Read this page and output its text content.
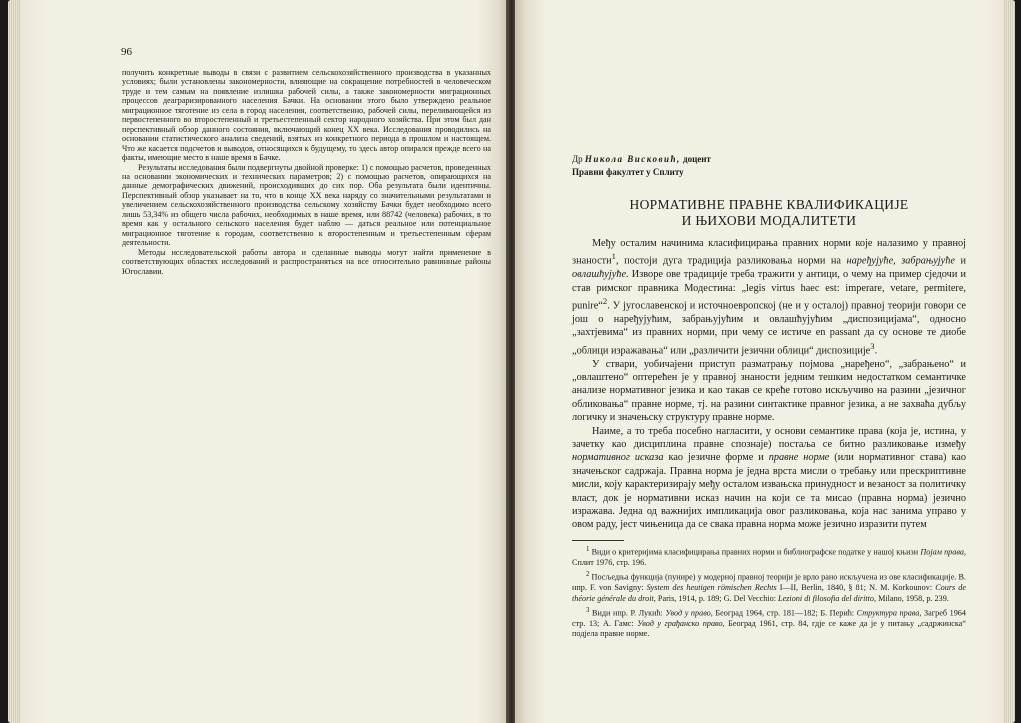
96

получить конкретные выводы в связи с развитием сельскохозяйственного производства в указанных условиях; были установлены закономерности, влияющие на сокращение потребностей в человеческом труде и тем самым на появление излишка рабочей силы, а также закономерности миграционных процессов деаграризированного населения Бачки. На основании этого было утверждено реальное миграционное тяготение из села в город населения, соответственно, рабочей силы, переливающейся из первостепенного во второстепенный и третьестепенный сектор народного хозяйства. При этом был дан перспективный обзор данного состояния, включающий конец XX века. Исследования проводились на основании статистического анализа сведений, взятых из конкретного периода в прошлом и настоящем. Что же касается подсчетов и выводов, относящихся к будущему, то здесь автор опирался прежде всего на факты, имеющие место в наше время в Бачке.

Результаты исследования были подвергнуты двойной проверке: 1) с помощью расчетов, проведенных на основании экономических и технических параметров; 2) с помощью расчетов, опирающихся на данные демографических движений, происходивших до сих пор. Оба результата были идентичны. Перспективный обзор указывает на то, что в конце XX века наряду со значительными результатами и увеличением сельскохозяйственного производства сельскому хозяйству Бачки будет необходимо всего лишь 53,34% из общего числа рабочих, необходимых в наше время, или 88742 (человека) рабочих, в то время как у остального сельского населения будет наблю — даться реальное или потенциальное миграционное тяготение к городам, соответственно к второстепенным и третьестепенным сферам деятельности.

Методы исследовательской работы автора и сделанные выводы могут найти применение в соответствующих областях исследований и распространяться на все относительно равнинные районы Югославии.

Др Никола Висковић, доцент
Правни факултет у Сплиту
НОРМАТИВНЕ ПРАВНЕ КВАЛИФИКАЦИЈЕ
И ЊИХОВИ МОДАЛИТЕТИ

Међу осталим начинима класифицирања правних норми које налазимо у правној знаности$^1$, постоји дуга традиција разликовања норми на наређујуће, забрањујуће и овлашћујуће. Изворе ове традиције треба тражити у антици, о чему на пример сједочи и став римског правника Модестина: „legis virtus haec est: imperare, vetare, permitere, punire“$^2$. У југославенској и источноевропској (не и у осталој) правној теорији говори се још о наређујућим, забрањујућим и овлашћујућим „диспозицијама“, односно „захтјевима“ из правних норми, при чему се истиче en passant да су основе те диобе „облици изражавања“ или „различити језични облици“ диспозиције$^3$.

У ствари, уобичајени приступ разматрању појмова „наређено“, „забрањено“ и „овлаштено“ оптерећен је у правној знаности једним тешким недостатком семантичке анализе нормативног језика и као такав се креће готово искључиво на разини „језичног обликовања“ правне норме, тј. на разини синтактике правног језика, а не захваћа дубљу логичку и значењску структуру правне норме.

Наиме, а то треба посебно нагласити, у основи семантике права (која је, истина, у зачетку као дисциплина правне спознаје) постаља се битно разликовање између нормативног исказа као језичне форме и правне норме (или нормативног става) као значењског садржаја. Правна норма је једна врста мисли о требању или прескриптивне мисли, коју карактеризирају међу осталом извањска принудност и везаност за политичку власт, док је нормативни исказ начин на који се та мисао (правна норма) језично изражава. Једна од важнијих импликација овог разликовања, која нас занима управо у овом раду, јест чињеница да се свака правна норма може језично изразити путем

$^1$ Види о критеријима класифицирања правних норми и библиографске податке у нашој књизи Појам права, Сплит 1976, стр. 196.

$^2$ Посљедња функција (пуниpe) у модерној правној теорији је врло рано искључена из ове класификације. В. нпр. F. von Savigny: System des heutigen römischen Rechts I—II, Berlin, 1840, § 81; N. M. Korkounov: Cours de théorie générale du droit, Paris, 1914, p. 189; G. Del Vecchio: Lezioni di filosofia del diritto, Milano, 1958, p. 239.

$^3$ Види нпр. Р. Лукић: Увод у право, Београд 1964, стр. 181—182; Б. Перић: Структура права, Загреб 1964 стр. 13; А. Гамс: Увод у грађанско право, Београд 1961, стр. 84, гдје се каже да је у питању „садржинска“ подјела правне норме.
